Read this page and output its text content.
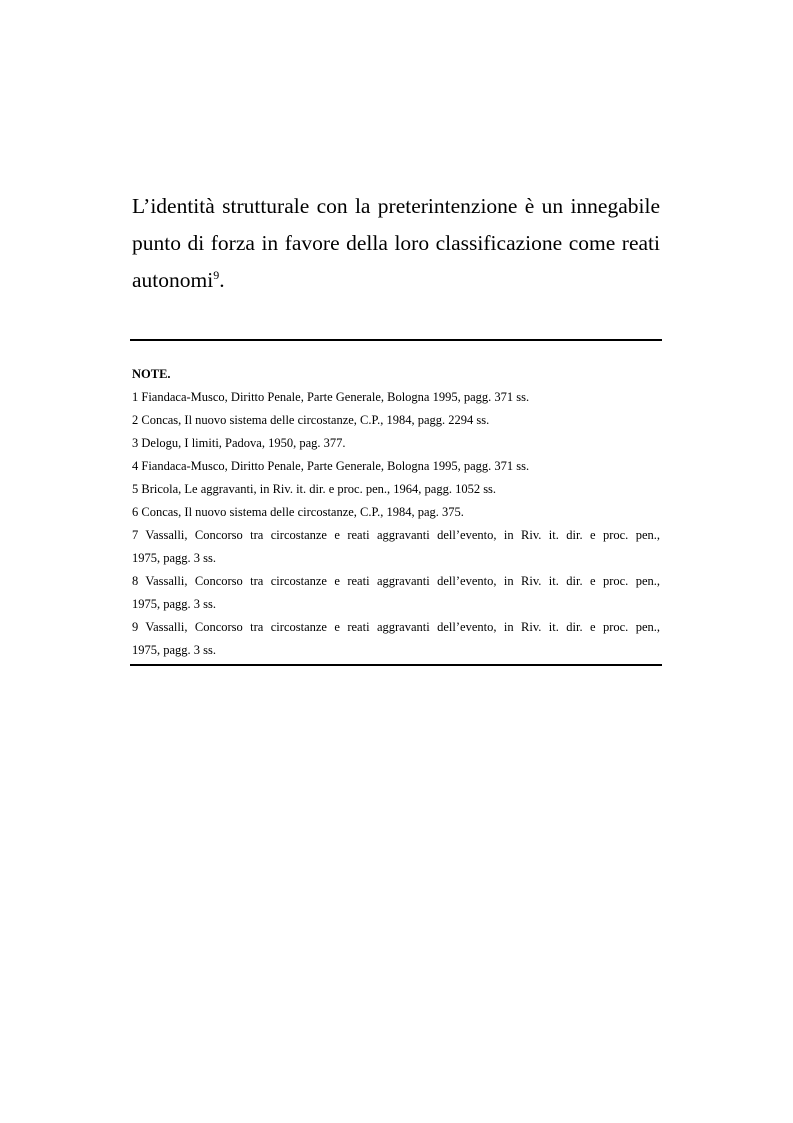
L’identità strutturale con la preterintenzione è un innegabile
punto di forza in favore della loro classificazione come reati
autonomi$^9$.

NOTE.
1 Fiandaca-Musco, Diritto Penale, Parte Generale, Bologna 1995, pagg. 371 ss.
2 Concas, Il nuovo sistema delle circostanze, C.P., 1984, pagg. 2294 ss.
3 Delogu, I limiti, Padova, 1950, pag. 377.
4 Fiandaca-Musco, Diritto Penale, Parte Generale, Bologna 1995, pagg. 371 ss.
5 Bricola, Le aggravanti, in Riv. it. dir. e proc. pen., 1964, pagg. 1052 ss.
6 Concas, Il nuovo sistema delle circostanze, C.P., 1984, pag. 375.
7 Vassalli, Concorso tra circostanze e reati aggravanti dell’evento, in Riv. it. dir. e proc. pen.,
1975, pagg. 3 ss.
8 Vassalli, Concorso tra circostanze e reati aggravanti dell’evento, in Riv. it. dir. e proc. pen.,
1975, pagg. 3 ss.
9 Vassalli, Concorso tra circostanze e reati aggravanti dell’evento, in Riv. it. dir. e proc. pen.,
1975, pagg. 3 ss.
